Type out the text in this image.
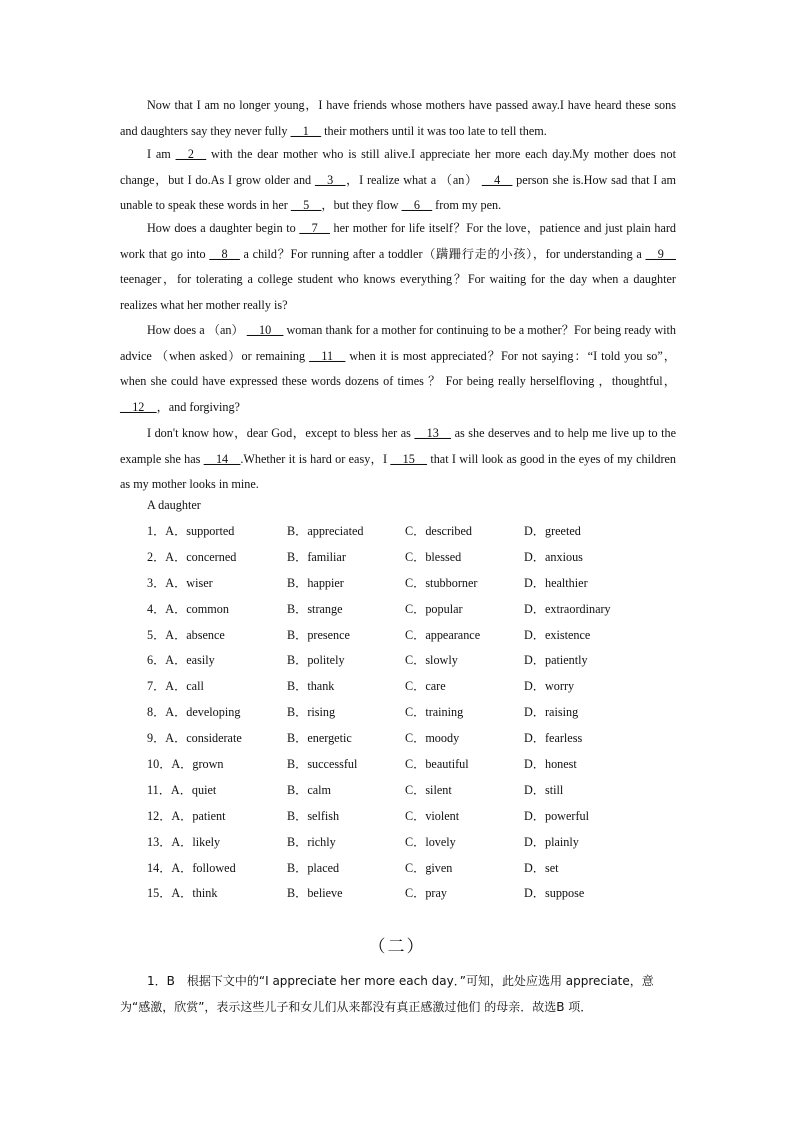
Now that I am no longer young，I have friends whose mothers have passed away.I have heard these sons and daughters say they never fully __1__ their mothers until it was too late to tell them.

I am __2__ with the dear mother who is still alive.I appreciate her more each day.My mother does not change，but I do.As I grow older and __3__，I realize what a （an） __4__ person she is.How sad that I am unable to speak these words in her __5__，but they flow __6__ from my pen.

How does a daughter begin to __7__ her mother for life itself？For the love，patience and just plain hard work that go into __8__ a child？For running after a toddler（蹒跚行走的小孩），for understanding a __9__ teenager，for tolerating a college student who knows everything？For waiting for the day when a daughter realizes what her mother really is?

How does a （an） __10__ woman thank for a mother for continuing to be a mother？For being ready with advice （when asked）or remaining __11__ when it is most appreciated？For not saying：“I told you so”，when she could have expressed these words dozens of times ？ For being really herselfloving ，thoughtful， __12__，and forgiving?

I don't know how，dear God，except to bless her as __13__ as she deserves and to help me live up to the example she has __14__.Whether it is hard or easy，I __15__ that I will look as good in the eyes of my children as my mother looks in mine.

A daughter
1．A．supported	B．appreciated	C．described	D．greeted
2．A．concerned	B．familiar	C．blessed	D．anxious
3．A．wiser	B．happier	C．stubborner	D．healthier
4．A．common	B．strange	C．popular	D．extraordinary
5．A．absence	B．presence	C．appearance	D．existence
6．A．easily	B．politely	C．slowly	D．patiently
7．A．call	B．thank	C．care	D．worry
8．A．developing	B．rising	C．training	D．raising
9．A．considerate	B．energetic	C．moody	D．fearless
10．A．grown	B．successful	C．beautiful	D．honest
11．A．quiet	B．calm	C．silent	D．still
12．A．patient	B．selfish	C．violent	D．powerful
13．A．likely	B．richly	C．lovely	D．plainly
14．A．followed	B．placed	C．given	D．set
15．A．think	B．believe	C．pray	D．suppose
（二）

1．B　根据下文中的“I appreciate her more each day．”可知，此处应选用 appreciate，意为“感激，欣赏”，表示这些儿子和女儿们从来都没有真正感激过他们 的母亲．故选B 项．
